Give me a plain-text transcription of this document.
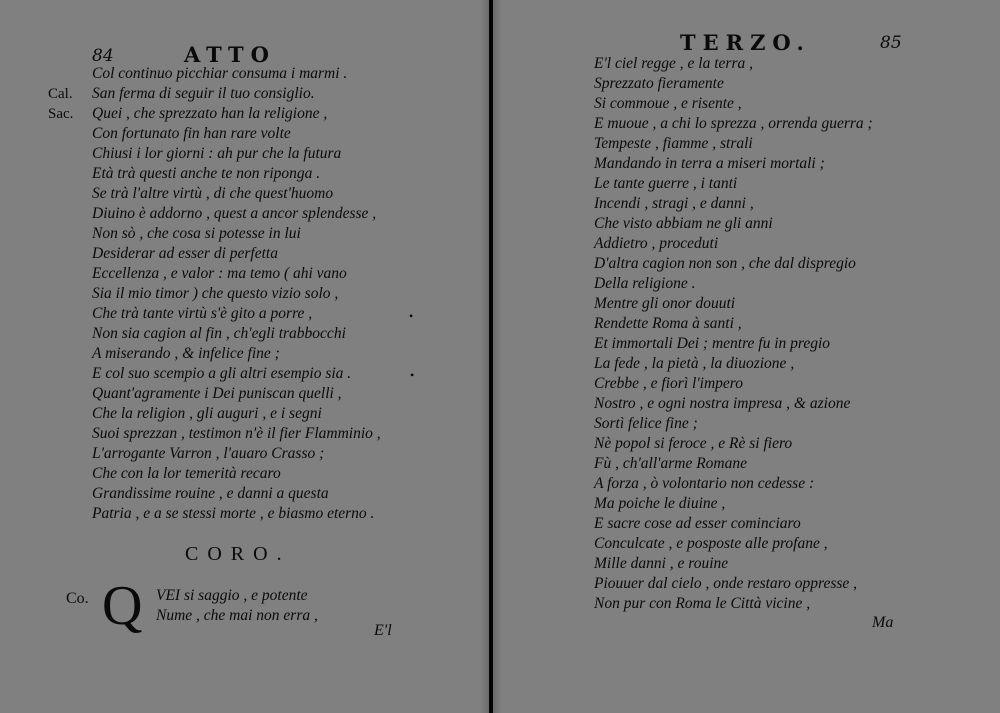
84	ATTO
Col continuo picchiar consuma i marmi .
Cal. San ferma di seguir il tuo consiglio.
Sac. Quei , che sprezzato han la religione ,
Con fortunato fin han rare volte
Chiusi i lor giorni : ah pur che la futura
Età trà questi anche te non riponga .
Se trà l'altre virtù , di che quest'huomo
Diuino è addorno , quest a ancor splendesse ,
Non sò , che cosa si potesse in lui
Desiderar ad esser di perfetta
Eccellenza , e valor : ma temo ( ahi vano
Sia il mio timor ) che questo vizio solo ,
Che trà tante virtù s'è gito a porre ,
Non sia cagion al fin , ch'egli trabbocchi
A miserando , & infelice fine ;
E col suo scempio a gli altri esempio sia .
Quant'agramente i Dei puniscan quelli ,
Che la religion , gli auguri , e i segni
Suoi sprezzan , testimon n'è il fier Flamminio ,
L'arrogante Varron , l'auaro Crasso ;
Che con la lor temerità recaro
Grandissime rouine , e danni a questa
Patria , e a se stessi morte , e biasmo eterno .
•
•
CORO.
Co. Q VEI si saggio , e potente
Nume , che mai non erra ,
E'l
TERZO.	85
E'l ciel regge , e la terra ,
Sprezzato fieramente
Si commoue , e risente ,
E muoue , a chi lo sprezza , orrenda guerra ;
Tempeste , fiamme , strali
Mandando in terra a miseri mortali ;
Le tante guerre , i tanti
Incendi , stragi , e danni ,
Che visto abbiam ne gli anni
Addietro , proceduti
D'altra cagion non son , che dal dispregio
Della religione .
Mentre gli onor douuti
Rendette Roma à santi ,
Et immortali Dei ; mentre fu in pregio
La fede , la pietà , la diuozione ,
Crebbe , e fiorì l'impero
Nostro , e ogni nostra impresa , & azione
Sortì felice fine ;
Nè popol si feroce , e Rè si fiero
Fù , ch'all'arme Romane
A forza , ò volontario non cedesse :
Ma poiche le diuine ,
E sacre cose ad esser cominciaro
Conculcate , e posposte alle profane ,
Mille danni , e rouine
Piouuer dal cielo , onde restaro oppresse ,
Non pur con Roma le Città vicine ,
Ma
